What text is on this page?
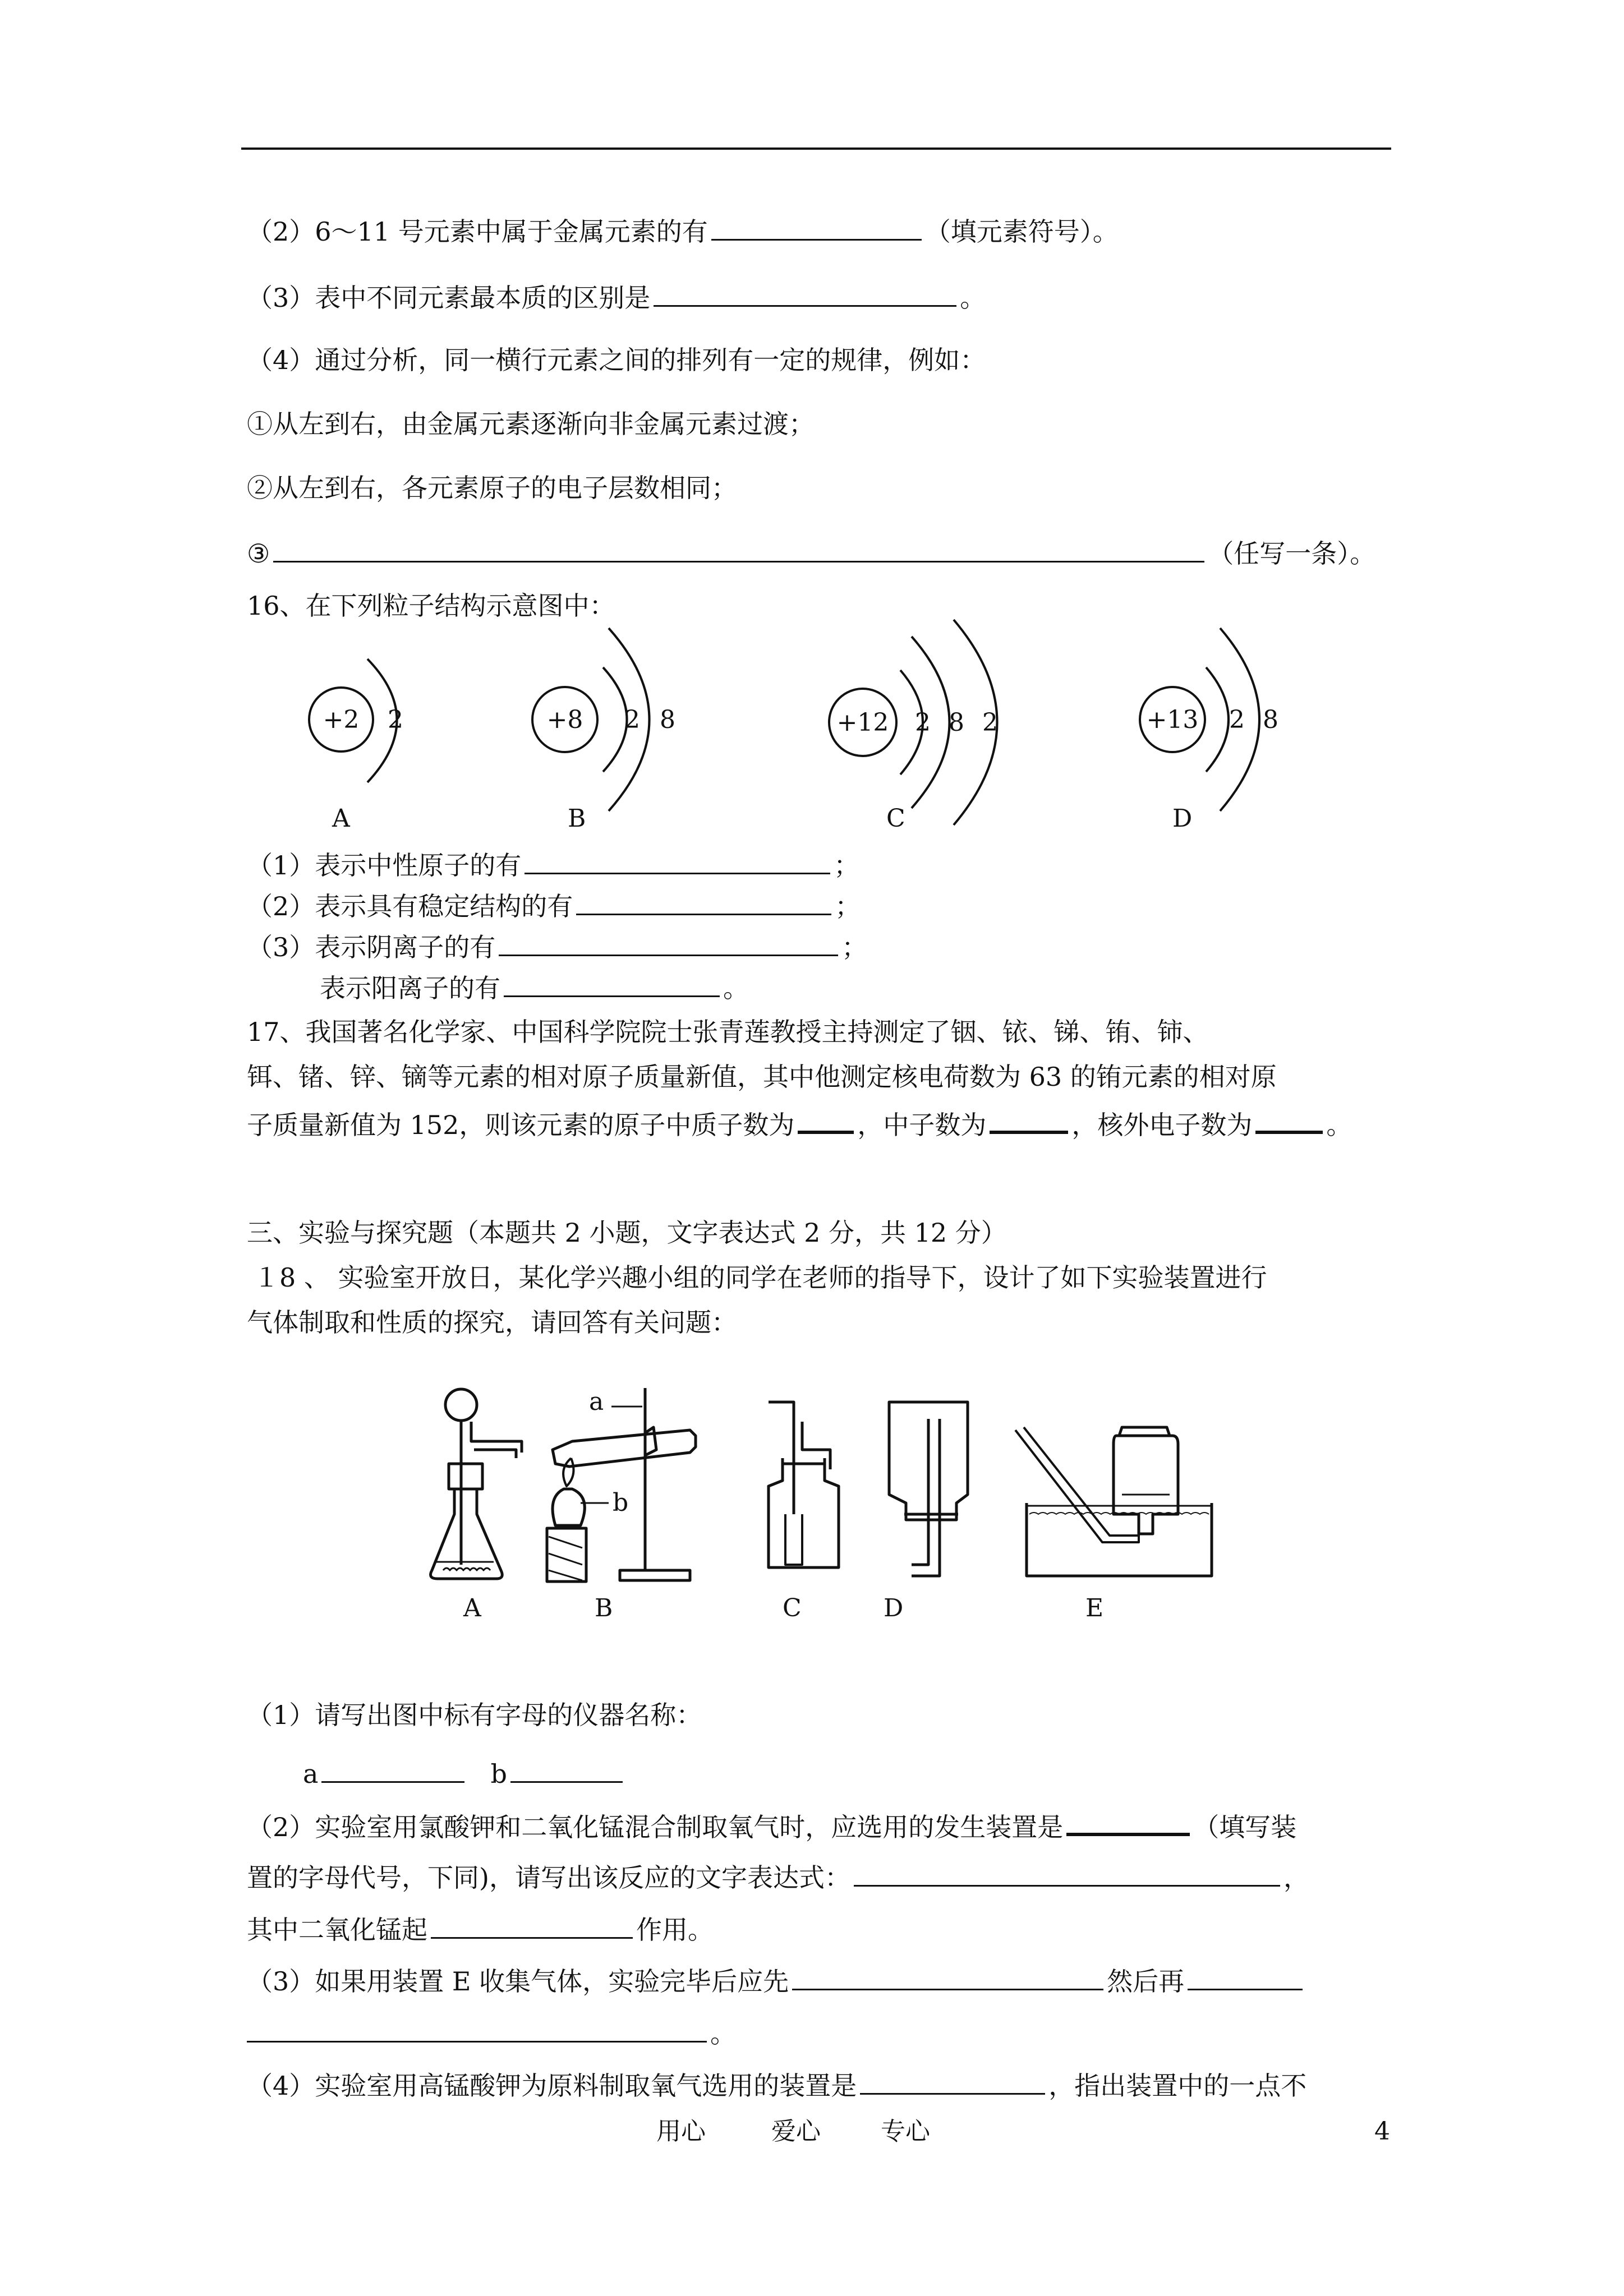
（2）6～11 号元素中属于金属元素的有	（填元素符号）。
（3）表中不同元素最本质的区别是	。
（4）通过分析，同一横行元素之间的排列有一定的规律，例如：
①从左到右，由金属元素逐渐向非金属元素过渡；
②从左到右，各元素原子的电子层数相同；
③	（任写一条）。
16、在下列粒子结构示意图中：
+2 2	+8 2 8	+12 2 8 2	+13 2 8
A	B	C	D
（1）表示中性原子的有	；
（2）表示具有稳定结构的有	；
（3）表示阴离子的有	；
表示阳离子的有	。
17、我国著名化学家、中国科学院院士张青莲教授主持测定了铟、铱、锑、铕、铈、
铒、锗、锌、镝等元素的相对原子质量新值，其中他测定核电荷数为 63 的铕元素的相对原
子质量新值为 152，则该元素的原子中质子数为 ，中子数为	，核外电子数为	。
三、实验与探究题（本题共 2 小题，文字表达式 2 分，共 12 分）
１8 、 实验室开放日，某化学兴趣小组的同学在老师的指导下，设计了如下实验装置进行
气体制取和性质的探究，请回答有关问题：
a
b
A	B	C	D	E
（1）请写出图中标有字母的仪器名称：
a	b
（2）实验室用氯酸钾和二氧化锰混合制取氧气时，应选用的发生装置是	（填写装
置的字母代号，下同)，请写出该反应的文字表达式：	，
其中二氧化锰起	作用。
（3）如果用装置 E 收集气体，实验完毕后应先	然后再
。
（4）实验室用高锰酸钾为原料制取氧气选用的装置是	，指出装置中的一点不
用心	爱心 专心	4
